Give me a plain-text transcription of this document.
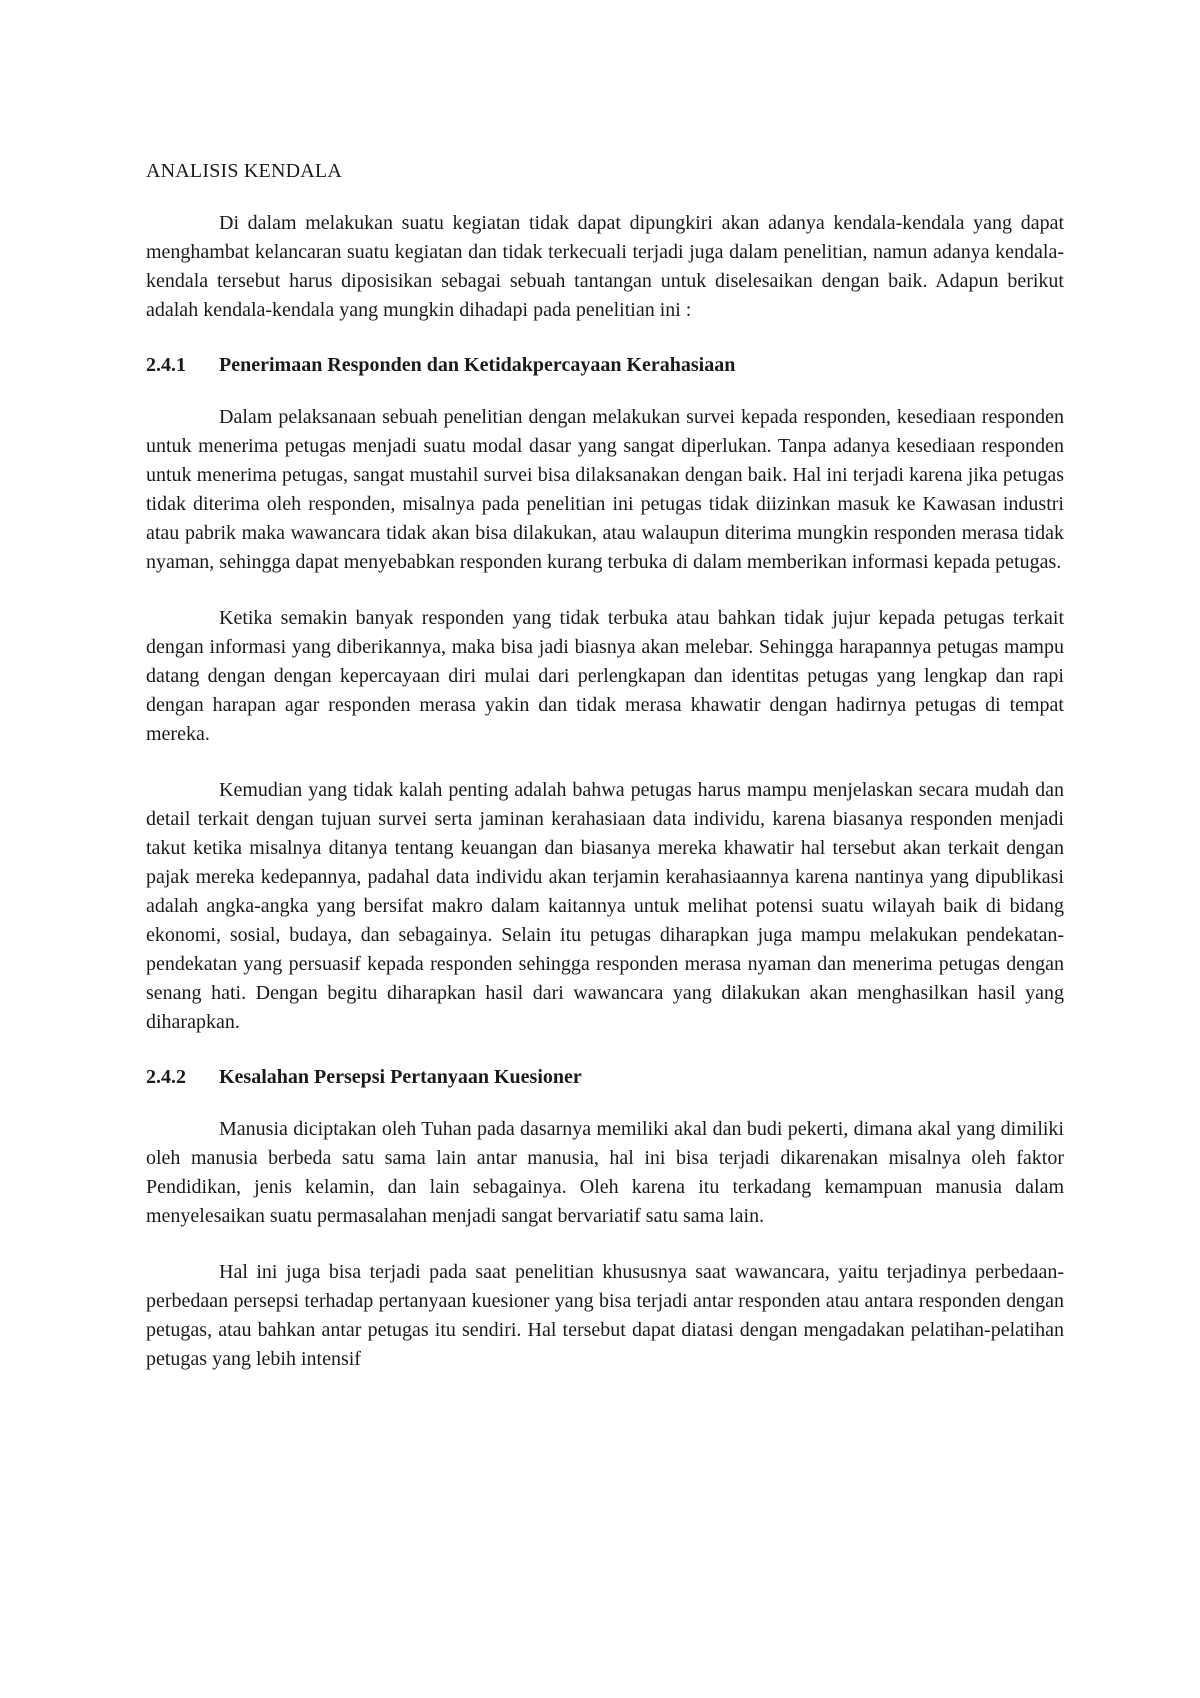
ANALISIS KENDALA

Di dalam melakukan suatu kegiatan tidak dapat dipungkiri akan adanya kendala-kendala yang dapat menghambat kelancaran suatu kegiatan dan tidak terkecuali terjadi juga dalam penelitian, namun adanya kendala-kendala tersebut harus diposisikan sebagai sebuah tantangan untuk diselesaikan dengan baik. Adapun berikut adalah kendala-kendala yang mungkin dihadapi pada penelitian ini :

2.4.1	Penerimaan Responden dan Ketidakpercayaan Kerahasiaan

Dalam pelaksanaan sebuah penelitian dengan melakukan survei kepada responden, kesediaan responden untuk menerima petugas menjadi suatu modal dasar yang sangat diperlukan. Tanpa adanya kesediaan responden untuk menerima petugas, sangat mustahil survei bisa dilaksanakan dengan baik. Hal ini terjadi karena jika petugas tidak diterima oleh responden, misalnya pada penelitian ini petugas tidak diizinkan masuk ke Kawasan industri atau pabrik maka wawancara tidak akan bisa dilakukan, atau walaupun diterima mungkin responden merasa tidak nyaman, sehingga dapat menyebabkan responden kurang terbuka di dalam memberikan informasi kepada petugas.

Ketika semakin banyak responden yang tidak terbuka atau bahkan tidak jujur kepada petugas terkait dengan informasi yang diberikannya, maka bisa jadi biasnya akan melebar. Sehingga harapannya petugas mampu datang dengan dengan kepercayaan diri mulai dari perlengkapan dan identitas petugas yang lengkap dan rapi dengan harapan agar responden merasa yakin dan tidak merasa khawatir dengan hadirnya petugas di tempat mereka.

Kemudian yang tidak kalah penting adalah bahwa petugas harus mampu menjelaskan secara mudah dan detail terkait dengan tujuan survei serta jaminan kerahasiaan data individu, karena biasanya responden menjadi takut ketika misalnya ditanya tentang keuangan dan biasanya mereka khawatir hal tersebut akan terkait dengan pajak mereka kedepannya, padahal data individu akan terjamin kerahasiaannya karena nantinya yang dipublikasi adalah angka-angka yang bersifat makro dalam kaitannya untuk melihat potensi suatu wilayah baik di bidang ekonomi, sosial, budaya, dan sebagainya. Selain itu petugas diharapkan juga mampu melakukan pendekatan-pendekatan yang persuasif kepada responden sehingga responden merasa nyaman dan menerima petugas dengan senang hati. Dengan begitu diharapkan hasil dari wawancara yang dilakukan akan menghasilkan hasil yang diharapkan.

2.4.2	Kesalahan Persepsi Pertanyaan Kuesioner

Manusia diciptakan oleh Tuhan pada dasarnya memiliki akal dan budi pekerti, dimana akal yang dimiliki oleh manusia berbeda satu sama lain antar manusia, hal ini bisa terjadi dikarenakan misalnya oleh faktor Pendidikan, jenis kelamin, dan lain sebagainya. Oleh karena itu terkadang kemampuan manusia dalam menyelesaikan suatu permasalahan menjadi sangat bervariatif satu sama lain.

Hal ini juga bisa terjadi pada saat penelitian khususnya saat wawancara, yaitu terjadinya perbedaan-perbedaan persepsi terhadap pertanyaan kuesioner yang bisa terjadi antar responden atau antara responden dengan petugas, atau bahkan antar petugas itu sendiri. Hal tersebut dapat diatasi dengan mengadakan pelatihan-pelatihan petugas yang lebih intensif
